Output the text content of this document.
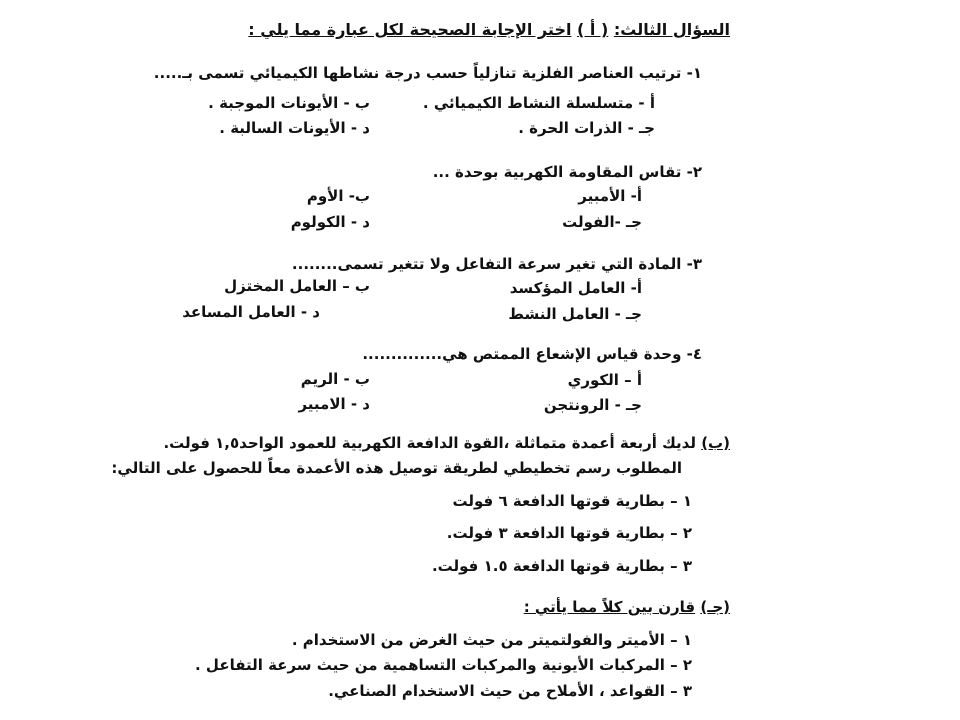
السؤال الثالث: ( أ ) اختر الإجابة الصحيحة لكل عبارة مما يلي :
١- ترتيب العناصر الفلزية تنازلياً حسب درجة نشاطها الكيميائي تسمى بـ.....
أ - متسلسلة النشاط الكيميائي .
ب - الأيونات الموجبة .
جـ - الذرات الحرة .
د - الأيونات السالبة .
٢- تقاس المقاومة الكهربية بوحدة ...
أ- الأمبير
ب- الأوم
جـ -الفولت
د - الكولوم
٣- المادة التي تغير سرعة التفاعل ولا تتغير تسمى........
أ- العامل المؤكسد
ب – العامل المختزل
جـ - العامل النشط
د - العامل المساعد
٤- وحدة قياس الإشعاع الممتص هي..............
أ – الكوري
ب - الريم
جـ - الرونتجن
د - الامبير
(ب) لديك أربعة أعمدة متماثلة ،القوة الدافعة الكهربية للعمود الواحد١,٥ فولت.
المطلوب رسم تخطيطي لطريقة توصيل هذه الأعمدة معاً للحصول على التالي:
١ – بطارية قوتها الدافعة ٦ فولت
٢ – بطارية قوتها الدافعة ٣ فولت.
٣ – بطارية قوتها الدافعة ١.٥ فولت.
(جـ) قارن بين كلاً مما يأتي :
١ – الأميتر والفولتميتر من حيث الغرض من الاستخدام .
٢ – المركبات الأيونية والمركبات التساهمية من حيث سرعة التفاعل .
٣ – القواعد ، الأملاح من حيث الاستخدام الصناعي.
